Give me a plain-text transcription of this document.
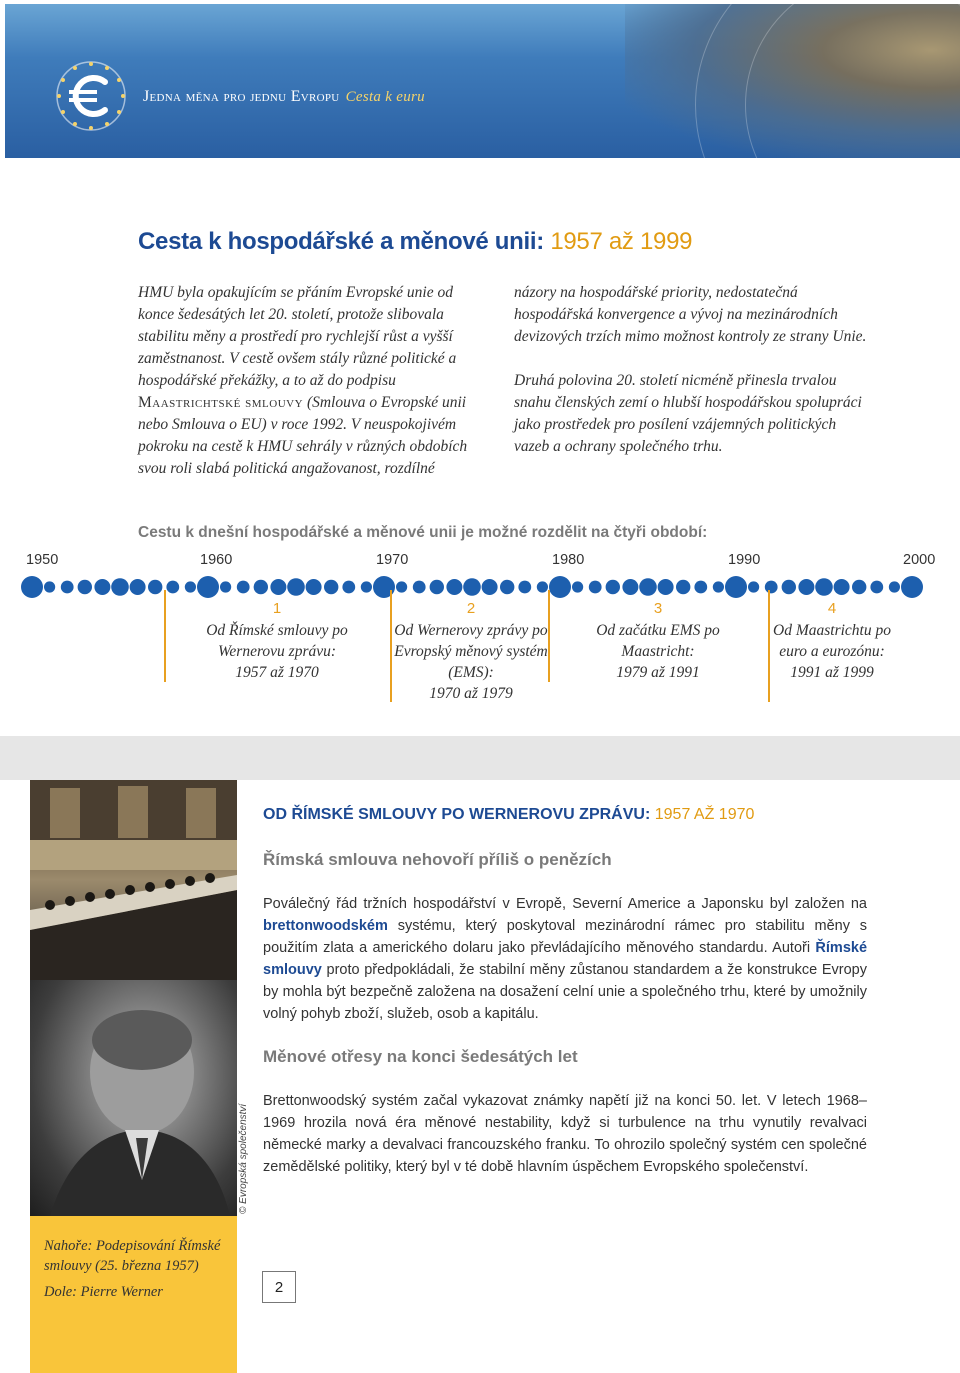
Jedna měna pro jednu Evropu Cesta k euru
Cesta k hospodářské a měnové unii: 1957 až 1999
HMU byla opakujícím se přáním Evropské unie od konce šedesátých let 20. století, protože slibovala stabilitu měny a prostředí pro rychlejší růst a vyšší zaměstnanost. V cestě ovšem stály různé politické a hospodářské překážky, a to až do podpisu Maastrichtské smlouvy (Smlouva o Evropské unii nebo Smlouva o EU) v roce 1992. V neuspokojivém pokroku na cestě k HMU sehrály v různých obdobích svou roli slabá politická angažovanost, rozdílné

názory na hospodářské priority, nedostatečná hospodářská konvergence a vývoj na mezinárodních devizových trzích mimo možnost kontroly ze strany Unie.

Druhá polovina 20. století nicméně přinesla trvalou snahu členských zemí o hlubší hospodářskou spolupráci jako prostředek pro posílení vzájemných politických vazeb a ochrany společného trhu.

Cestu k dnešní hospodářské a měnové unii je možné rozdělit na čtyři období:
1950	1960	1970	1980	1990	2000
1
Od Římské smlouvy po Wernerovu zprávu:
1957 až 1970
2
Od Wernerovy zprávy po Evropský měnový systém (EMS):
1970 až 1979
3
Od začátku EMS po Maastricht:
1979 až 1991
4
Od Maastrichtu po euro a eurozónu:
1991 až 1999
© Evropská společenství

Nahoře: Podepisování Římské smlouvy (25. března 1957)

Dole: Pierre Werner

OD ŘÍMSKÉ SMLOUVY PO WERNEROVU ZPRÁVU: 1957 AŽ 1970
Římská smlouva nehovoří příliš o penězích

Poválečný řád tržních hospodářství v Evropě, Severní Americe a Japonsku byl založen na brettonwoodském systému, který poskytoval mezinárodní rámec pro stabilitu měny s použitím zlata a amerického dolaru jako převládajícího měnového standardu. Autoři Římské smlouvy proto předpokládali, že stabilní měny zůstanou standardem a že konstrukce Evropy by mohla být bezpečně založena na dosažení celní unie a společného trhu, které by umožnily volný pohyb zboží, služeb, osob a kapitálu.

Měnové otřesy na konci šedesátých let

Brettonwoodský systém začal vykazovat známky napětí již na konci 50. let. V letech 1968–1969 hrozila nová éra měnové nestability, když si turbulence na trhu vynutily revalvaci německé marky a devalvaci francouzského franku. To ohrozilo společný systém cen společné zemědělské politiky, který byl v té době hlavním úspěchem Evropského společenství.

2
